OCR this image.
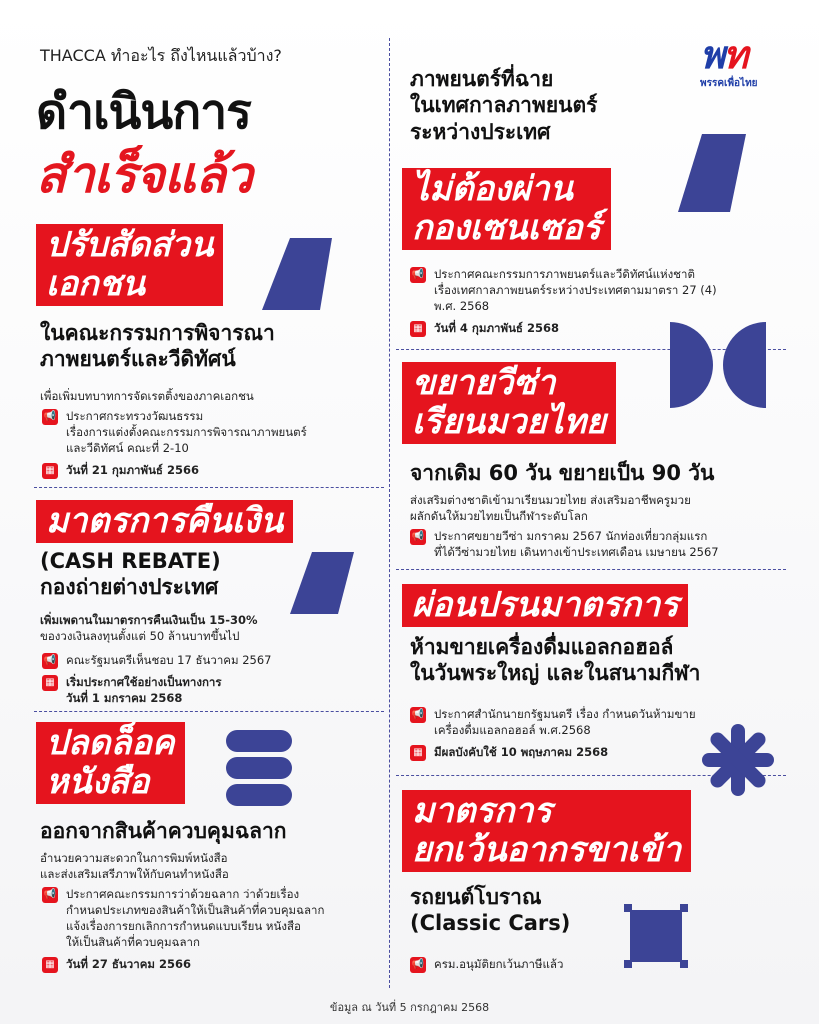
THACCA ทำอะไร ถึงไหนแล้วบ้าง?
ดำเนินการ
สำเร็จแล้ว
พท
พรรคเพื่อไทย
ปรับสัดส่วน
เอกชน
ในคณะกรรมการพิจารณา
ภาพยนตร์และวีดิทัศน์
เพื่อเพิ่มบทบาทการจัดเรตติ้งของภาคเอกชน
📢 ประกาศกระทรวงวัฒนธรรม
เรื่องการแต่งตั้งคณะกรรมการพิจารณาภาพยนตร์
และวีดิทัศน์ คณะที่ 2-10
▦ วันที่ 21 กุมภาพันธ์ 2566
มาตรการคืนเงิน
(CASH REBATE)
กองถ่ายต่างประเทศ
เพิ่มเพดานในมาตรการคืนเงินเป็น 15-30%
ของวงเงินลงทุนตั้งแต่ 50 ล้านบาทขึ้นไป
📢 คณะรัฐมนตรีเห็นชอบ 17 ธันวาคม 2567
▦ เริ่มประกาศใช้อย่างเป็นทางการ
วันที่ 1 มกราคม 2568
ปลดล็อค
หนังสือ
ออกจากสินค้าควบคุมฉลาก
อำนวยความสะดวกในการพิมพ์หนังสือ
และส่งเสริมเสรีภาพให้กับคนทำหนังสือ
📢 ประกาศคณะกรรมการว่าด้วยฉลาก ว่าด้วยเรื่อง
กำหนดประเภทของสินค้าให้เป็นสินค้าที่ควบคุมฉลาก
แจ้งเรื่องการยกเลิกการกำหนดแบบเรียน หนังสือ
ให้เป็นสินค้าที่ควบคุมฉลาก
▦ วันที่ 27 ธันวาคม 2566
ภาพยนตร์ที่ฉาย
ในเทศกาลภาพยนตร์
ระหว่างประเทศ
ไม่ต้องผ่าน
กองเซนเซอร์
📢 ประกาศคณะกรรมการภาพยนตร์และวีดิทัศน์แห่งชาติ
เรื่องเทศกาลภาพยนตร์ระหว่างประเทศตามมาตรา 27 (4)
พ.ศ. 2568
▦ วันที่ 4 กุมภาพันธ์ 2568
ขยายวีซ่า
เรียนมวยไทย
จากเดิม 60 วัน ขยายเป็น 90 วัน
ส่งเสริมต่างชาติเข้ามาเรียนมวยไทย ส่งเสริมอาชีพครูมวย
ผลักดันให้มวยไทยเป็นกีฬาระดับโลก
📢 ประกาศขยายวีซ่า มกราคม 2567 นักท่องเที่ยวกลุ่มแรก
ที่ได้วีซ่ามวยไทย เดินทางเข้าประเทศเดือน เมษายน 2567
ผ่อนปรนมาตรการ
ห้ามขายเครื่องดื่มแอลกอฮอล์
ในวันพระใหญ่ และในสนามกีฬา
📢 ประกาศสำนักนายกรัฐมนตรี เรื่อง กำหนดวันห้ามขาย
เครื่องดื่มแอลกอฮอล์ พ.ศ.2568
▦ มีผลบังคับใช้ 10 พฤษภาคม 2568
มาตรการ
ยกเว้นอากรขาเข้า
รถยนต์โบราณ
(Classic Cars)
📢 ครม.อนุมัติยกเว้นภาษีแล้ว
ข้อมูล ณ วันที่ 5 กรกฎาคม 2568
